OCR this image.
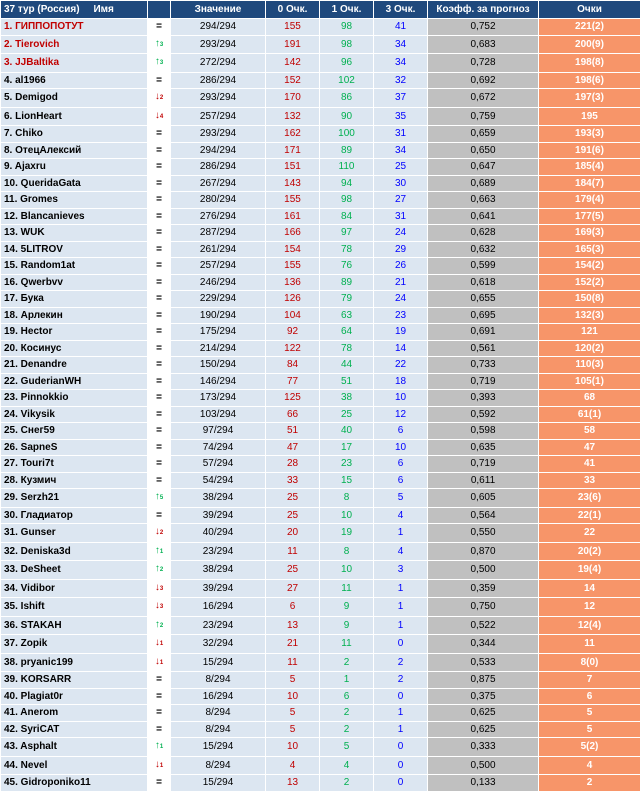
37 тур (Россия) Имя		Значение	0 Очк.	1 Очк.	3 Очк.	Коэфф. за прогноз	Очки
1. ГИППОПОТУТ	=	294/294	155	98	41	0,752	221(2)
2. Tierovich	↑3	293/294	191	98	34	0,683	200(9)
3. JJBaltika	↑3	272/294	142	96	34	0,728	198(8)
4. al1966	=	286/294	152	102	32	0,692	198(6)
5. Demigod	↓2	293/294	170	86	37	0,672	197(3)
6. LionHeart	↓4	257/294	132	90	35	0,759	195
7. Chiko	=	293/294	162	100	31	0,659	193(3)
8. ОтецАлексий	=	294/294	171	89	34	0,650	191(6)
9. Ajaxru	=	286/294	151	110	25	0,647	185(4)
10. QueridaGata	=	267/294	143	94	30	0,689	184(7)
11. Gromes	=	280/294	155	98	27	0,663	179(4)
12. Blancanieves	=	276/294	161	84	31	0,641	177(5)
13. WUK	=	287/294	166	97	24	0,628	169(3)
14. 5LITROV	=	261/294	154	78	29	0,632	165(3)
15. Random1at	=	257/294	155	76	26	0,599	154(2)
16. Qwerbvv	=	246/294	136	89	21	0,618	152(2)
17. Бука	=	229/294	126	79	24	0,655	150(8)
18. Арлекин	=	190/294	104	63	23	0,695	132(3)
19. Hector	=	175/294	92	64	19	0,691	121
20. Косинус	=	214/294	122	78	14	0,561	120(2)
21. Denandre	=	150/294	84	44	22	0,733	110(3)
22. GuderianWH	=	146/294	77	51	18	0,719	105(1)
23. Pinnokkio	=	173/294	125	38	10	0,393	68
24. Vikysik	=	103/294	66	25	12	0,592	61(1)
25. Снег59	=	97/294	51	40	6	0,598	58
26. SapneS	=	74/294	47	17	10	0,635	47
27. Touri7t	=	57/294	28	23	6	0,719	41
28. Кузмич	=	54/294	33	15	6	0,611	33
29. Serzh21	↑5	38/294	25	8	5	0,605	23(6)
30. Гладиатор	=	39/294	25	10	4	0,564	22(1)
31. Gunser	↓2	40/294	20	19	1	0,550	22
32. Deniska3d	↑1	23/294	11	8	4	0,870	20(2)
33. DeSheet	↑2	38/294	25	10	3	0,500	19(4)
34. Vidibor	↓3	39/294	27	11	1	0,359	14
35. Ishift	↓3	16/294	6	9	1	0,750	12
36. STAKAH	↑2	23/294	13	9	1	0,522	12(4)
37. Zopik	↓1	32/294	21	11	0	0,344	11
38. pryanic199	↓1	15/294	11	2	2	0,533	8(0)
39. KORSARR	=	8/294	5	1	2	0,875	7
40. Plagiat0r	=	16/294	10	6	0	0,375	6
41. Anerom	=	8/294	5	2	1	0,625	5
42. SyriCAT	=	8/294	5	2	1	0,625	5
43. Asphalt	↑1	15/294	10	5	0	0,333	5(2)
44. Nevel	↓1	8/294	4	4	0	0,500	4
45. Gidroponiko11	=	15/294	13	2	0	0,133	2
